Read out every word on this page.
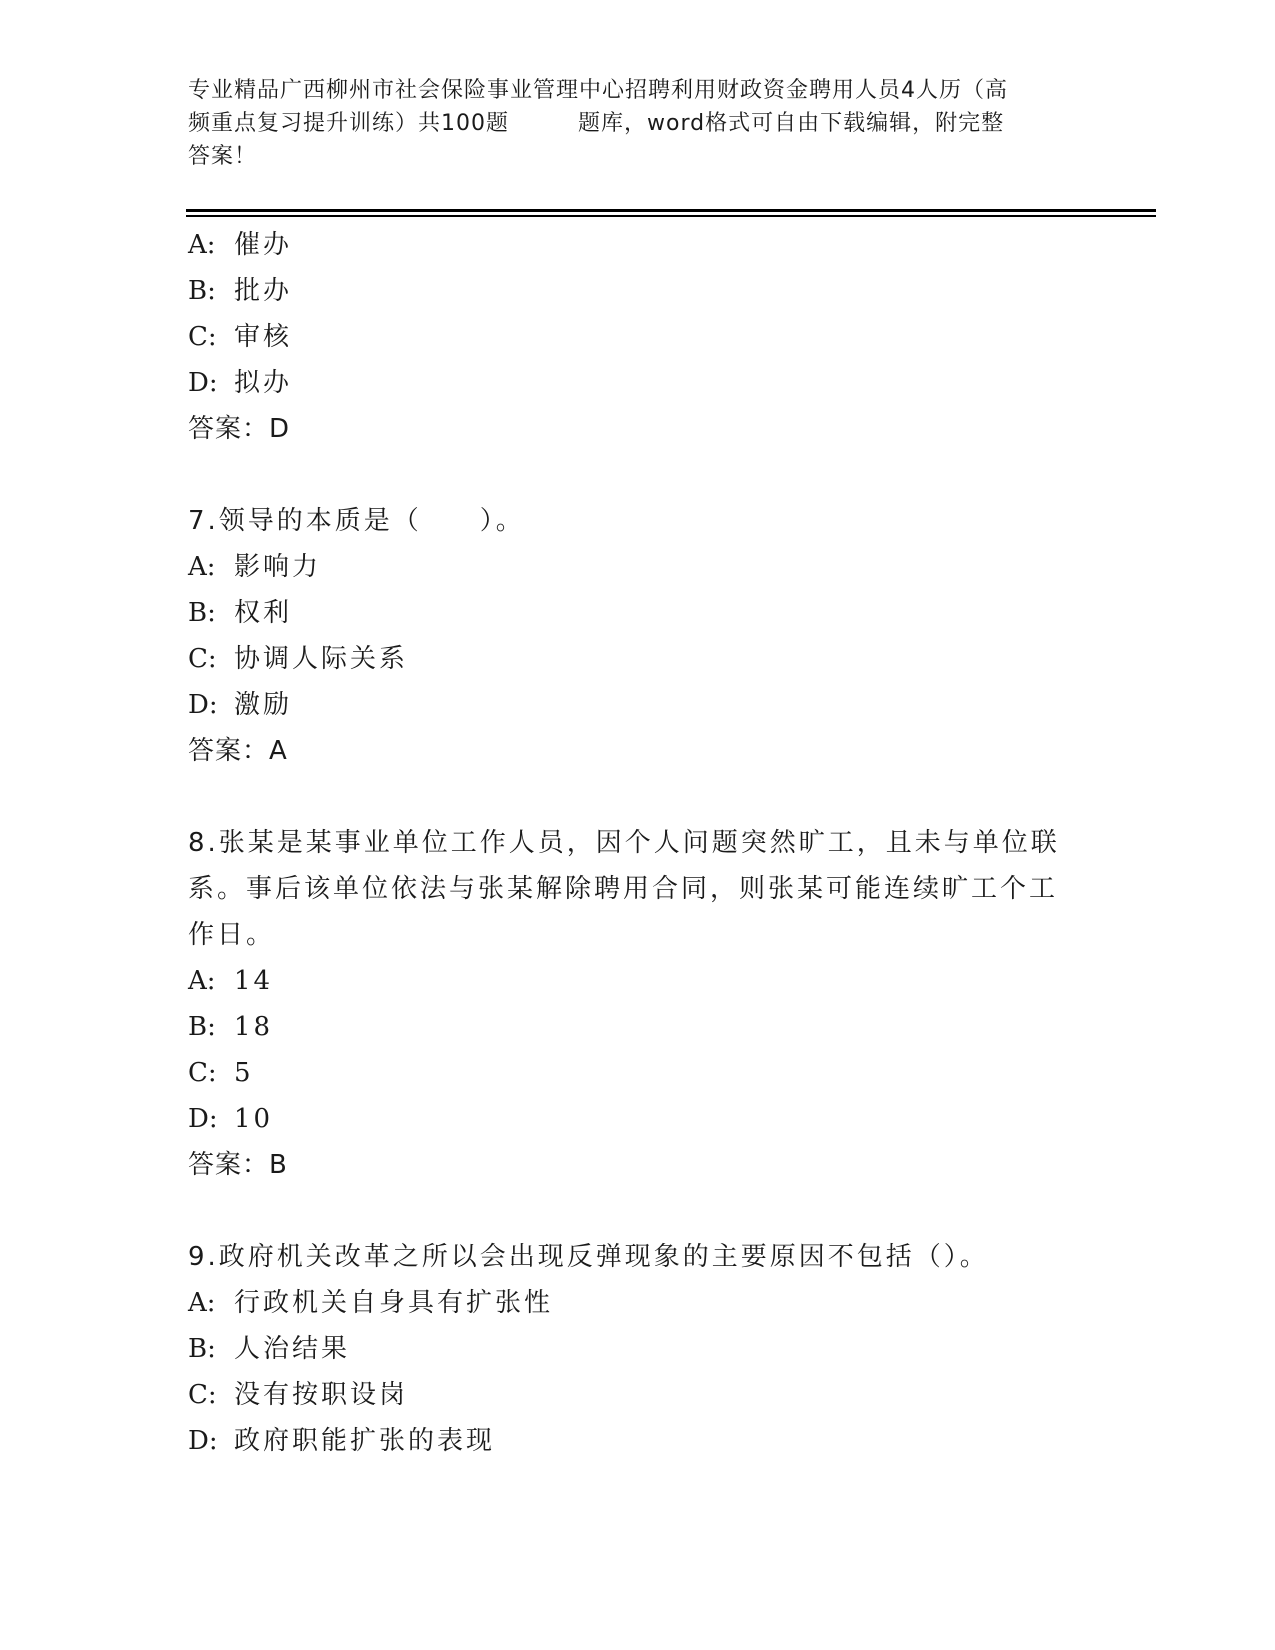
专业精品广西柳州市社会保险事业管理中心招聘利用财政资金聘用人员4人历（高
频重点复习提升训练）共100题　　　题库，word格式可自由下载编辑，附完整
答案！
A: 催办
B: 批办
C: 审核
D: 拟办
答案：D
7.领导的本质是（　　）。
A: 影响力
B: 权利
C: 协调人际关系
D: 激励
答案：A
8.张某是某事业单位工作人员，因个人问题突然旷工，且未与单位联
系。事后该单位依法与张某解除聘用合同，则张某可能连续旷工个工
作日。
A: 14
B: 18
C: 5
D: 10
答案：B
9.政府机关改革之所以会出现反弹现象的主要原因不包括（）。
A: 行政机关自身具有扩张性
B: 人治结果
C: 没有按职设岗
D: 政府职能扩张的表现
